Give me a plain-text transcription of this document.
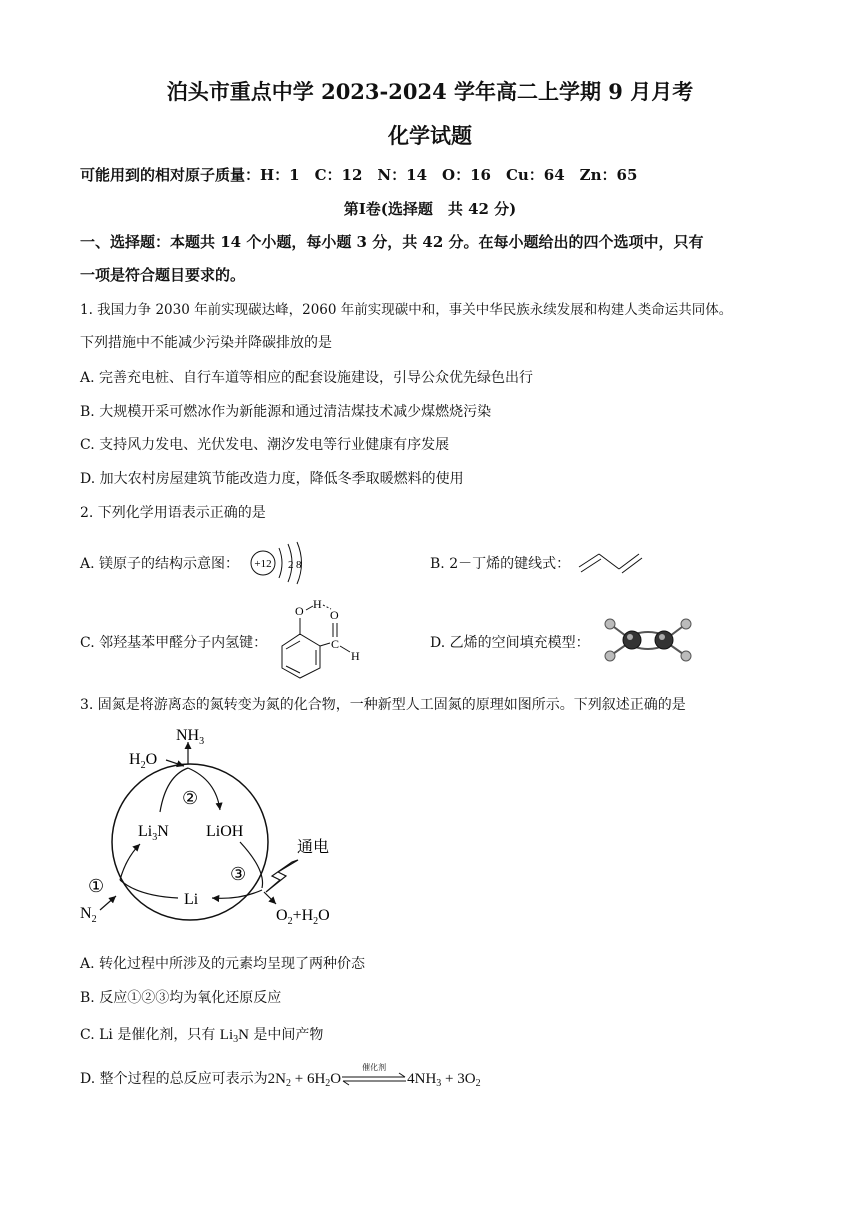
泊头市重点中学 2023-2024 学年高二上学期 9 月月考
化学试题
可能用到的相对原子质量：H：1　C：12　N：14　O：16　Cu：64　Zn：65
第Ⅰ卷(选择题　共 42 分)
一、选择题：本题共 14 个小题，每小题 3 分，共 42 分。在每小题给出的四个选项中，只有
一项是符合题目要求的。
1. 我国力争 2030 年前实现碳达峰，2060 年前实现碳中和，事关中华民族永续发展和构建人类命运共同体。
下列措施中不能减少污染并降碳排放的是
A. 完善充电桩、自行车道等相应的配套设施建设，引导公众优先绿色出行
B. 大规模开采可燃冰作为新能源和通过清洁煤技术减少煤燃烧污染
C. 支持风力发电、光伏发电、潮汐发电等行业健康有序发展
D. 加大农村房屋建筑节能改造力度，降低冬季取暖燃料的使用
2. 下列化学用语表示正确的是
A. 镁原子的结构示意图： +12 2 8	B. 2－丁烯的键线式：
C. 邻羟基苯甲醛分子内氢键：
O H
O
C
H
D. 乙烯的空间填充模型：
3. 固氮是将游离态的氮转变为氮的化合物，一种新型人工固氮的原理如图所示。下列叙述正确的是
$NH_3$
$H_2O$
②
$Li_3N$ LiOH
通电
③
Li
①
$N_2$	$O_2+H_2O$
A. 转化过程中所涉及的元素均呈现了两种价态
B. 反应①②③均为氧化还原反应
C. Li 是催化剂，只有 $Li_3N$ 是中间产物
D. 整个过程的总反应可表示为$2N_2 + 6H_2O$
催化剂
$4NH_3 + 3O_2$
